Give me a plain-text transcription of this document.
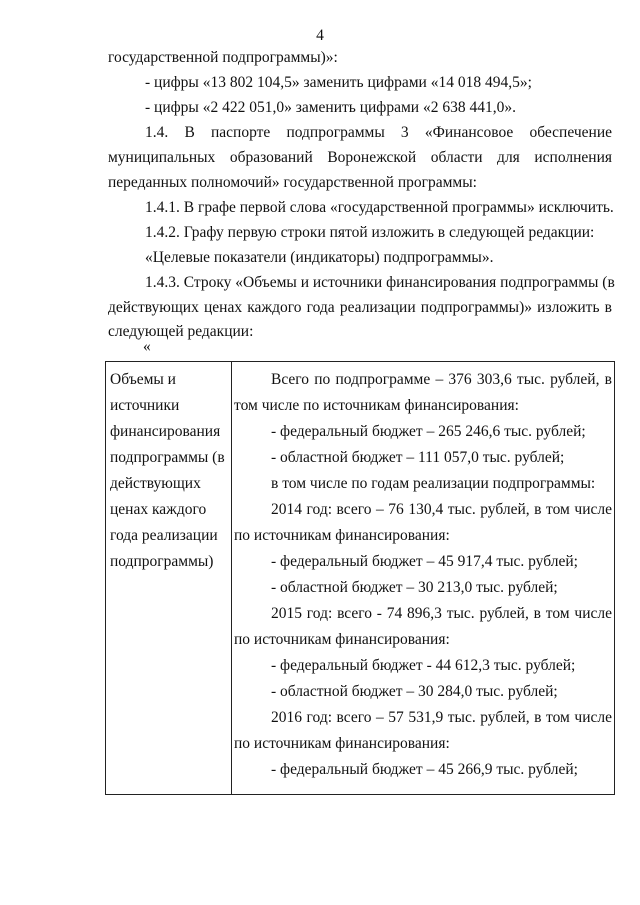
4
государственной подпрограммы)»:
- цифры «13 802 104,5» заменить цифрами «14 018 494,5»;
- цифры «2 422 051,0» заменить цифрами «2 638 441,0».
1.4. В паспорте подпрограммы 3 «Финансовое обеспечение
муниципальных образований Воронежской области для исполнения
переданных полномочий» государственной программы:
1.4.1. В графе первой слова «государственной программы» исключить.
1.4.2. Графу первую строки пятой изложить в следующей редакции:
«Целевые показатели (индикаторы) подпрограммы».
1.4.3. Строку «Объемы и источники финансирования подпрограммы (в
действующих ценах каждого года реализации подпрограммы)» изложить в
следующей редакции:
«
Объемы и
источники
финансирования
подпрограммы (в
действующих
ценах каждого
года реализации
подпрограммы)
Всего по подпрограмме – 376 303,6 тыс. рублей, в
том числе по источникам финансирования:
- федеральный бюджет – 265 246,6 тыс. рублей;
- областной бюджет – 111 057,0 тыс. рублей;
в том числе по годам реализации подпрограммы:
2014 год: всего – 76 130,4 тыс. рублей, в том числе
по источникам финансирования:
- федеральный бюджет – 45 917,4 тыс. рублей;
- областной бюджет – 30 213,0 тыс. рублей;
2015 год: всего - 74 896,3 тыс. рублей, в том числе
по источникам финансирования:
- федеральный бюджет - 44 612,3 тыс. рублей;
- областной бюджет – 30 284,0 тыс. рублей;
2016 год: всего – 57 531,9 тыс. рублей, в том числе
по источникам финансирования:
- федеральный бюджет – 45 266,9 тыс. рублей;
